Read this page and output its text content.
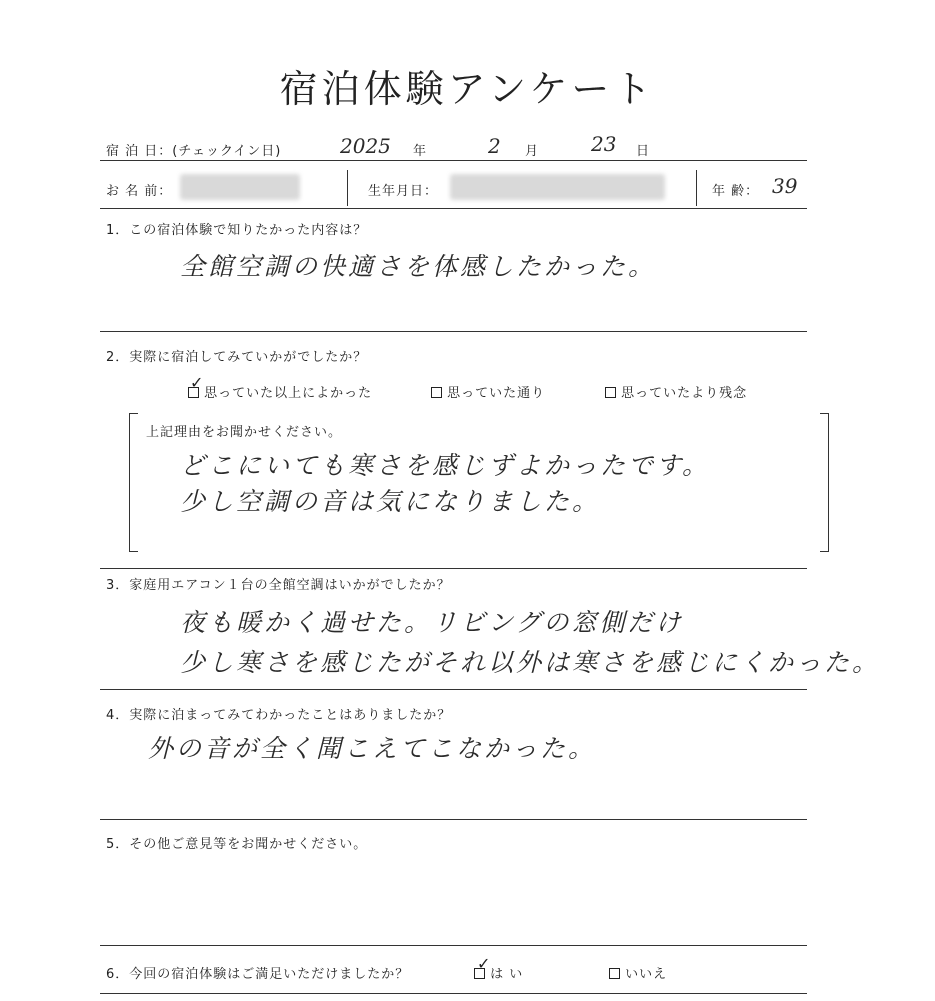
宿泊体験アンケート
宿 泊 日：(チェックイン日)	2025 年	2 月	23 日
お 名 前：	生年月日：	年 齢： 39
1．この宿泊体験で知りたかった内容は？
全館空調の快適さを体感したかった。
2．実際に宿泊してみていかがでしたか？
✓
思っていた以上によかった	思っていた通り	思っていたより残念
上記理由をお聞かせください。
どこにいても寒さを感じずよかったです。
少し空調の音は気になりました。
3．家庭用エアコン１台の全館空調はいかがでしたか？
夜も暖かく過せた。リビングの窓側だけ
少し寒さを感じたがそれ以外は寒さを感じにくかった。
4．実際に泊まってみてわかったことはありましたか？
外の音が全く聞こえてこなかった。
5．その他ご意見等をお聞かせください。
6．今回の宿泊体験はご満足いただけましたか？
✓
は い	いいえ
